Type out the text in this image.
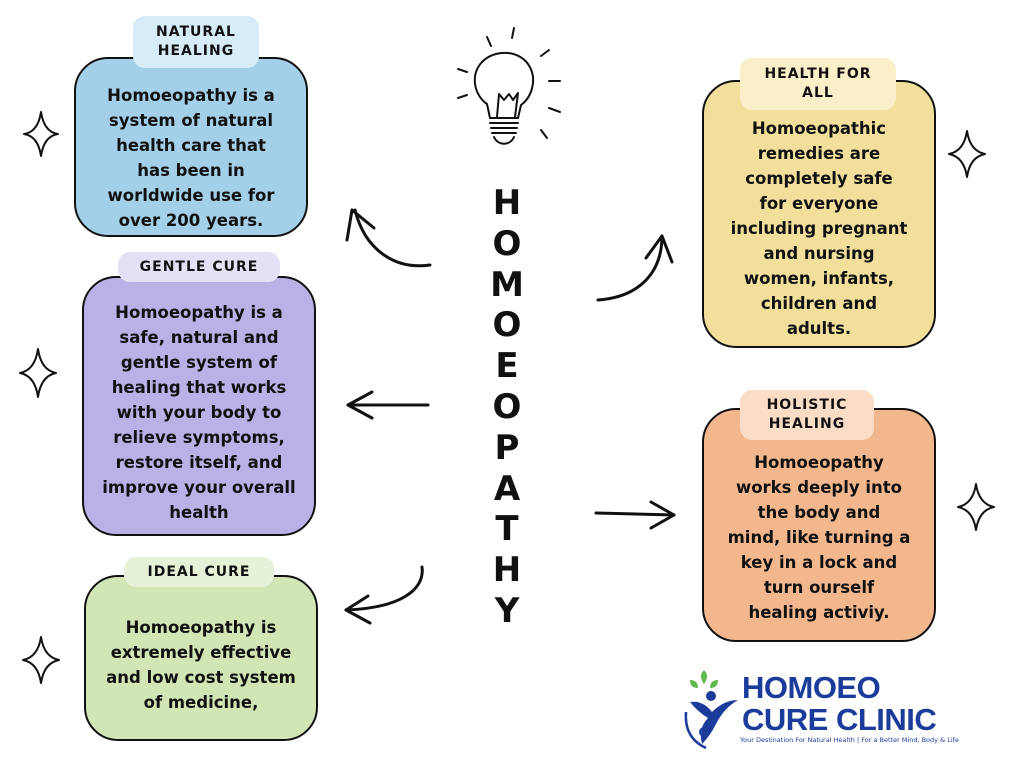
H
O
M
O
E
O
P
A
T
H
Y
Homoeopathy is a
system of natural
health care that
has been in
worldwide use for
over 200 years.
NATURAL
HEALING
Homoeopathy is a
safe, natural and
gentle system of
healing that works
with your body to
relieve symptoms,
restore itself, and
improve your overall
health
GENTLE CURE
Homoeopathy is
extremely effective
and low cost system
of medicine,
IDEAL CURE
Homoeopathic
remedies are
completely safe
for everyone
including pregnant
and nursing
women, infants,
children and
adults.
HEALTH FOR
ALL
Homoeopathy
works deeply into
the body and
mind, like turning a
key in a lock and
turn ourself
healing activiy.
HOLISTIC
HEALING
HOMOEO
CURE CLINIC
Your Destination For Natural Health | For a Better Mind, Body & Life
